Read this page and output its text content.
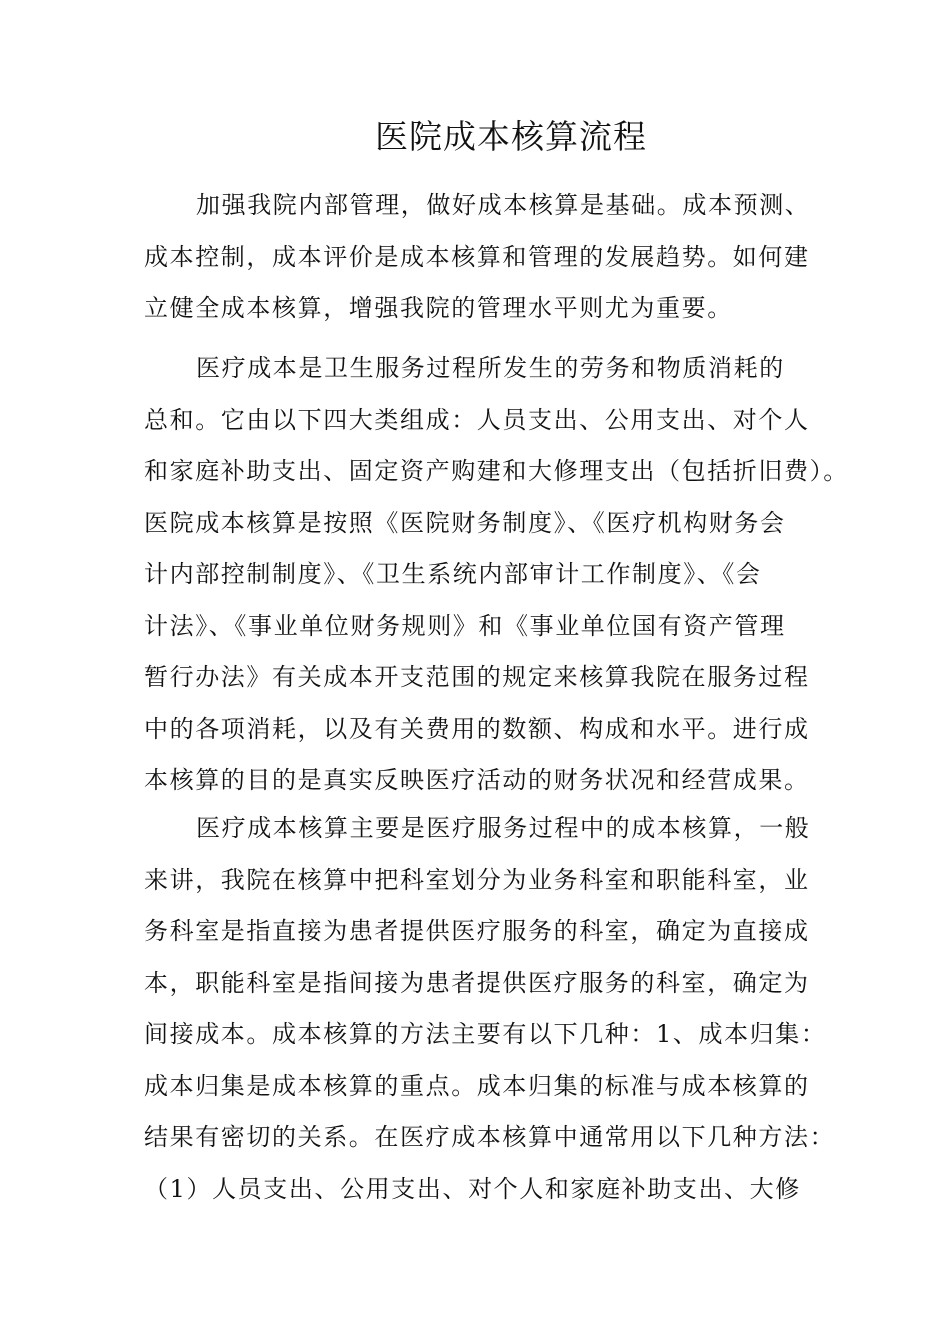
医院成本核算流程
加强我院内部管理，做好成本核算是基础。成本预测、
成本控制，成本评价是成本核算和管理的发展趋势。如何建
立健全成本核算，增强我院的管理水平则尤为重要。
医疗成本是卫生服务过程所发生的劳务和物质消耗的
总和。它由以下四大类组成：人员支出、公用支出、对个人
和家庭补助支出、固定资产购建和大修理支出（包括折旧费）。
医院成本核算是按照《医院财务制度》、《医疗机构财务会
计内部控制制度》、《卫生系统内部审计工作制度》、《会
计法》、《事业单位财务规则》和《事业单位国有资产管理
暂行办法》有关成本开支范围的规定来核算我院在服务过程
中的各项消耗，以及有关费用的数额、构成和水平。进行成
本核算的目的是真实反映医疗活动的财务状况和经营成果。
医疗成本核算主要是医疗服务过程中的成本核算，一般
来讲，我院在核算中把科室划分为业务科室和职能科室，业
务科室是指直接为患者提供医疗服务的科室，确定为直接成
本，职能科室是指间接为患者提供医疗服务的科室，确定为
间接成本。成本核算的方法主要有以下几种：1、成本归集：
成本归集是成本核算的重点。成本归集的标准与成本核算的
结果有密切的关系。在医疗成本核算中通常用以下几种方法：
（1）人员支出、公用支出、对个人和家庭补助支出、大修
